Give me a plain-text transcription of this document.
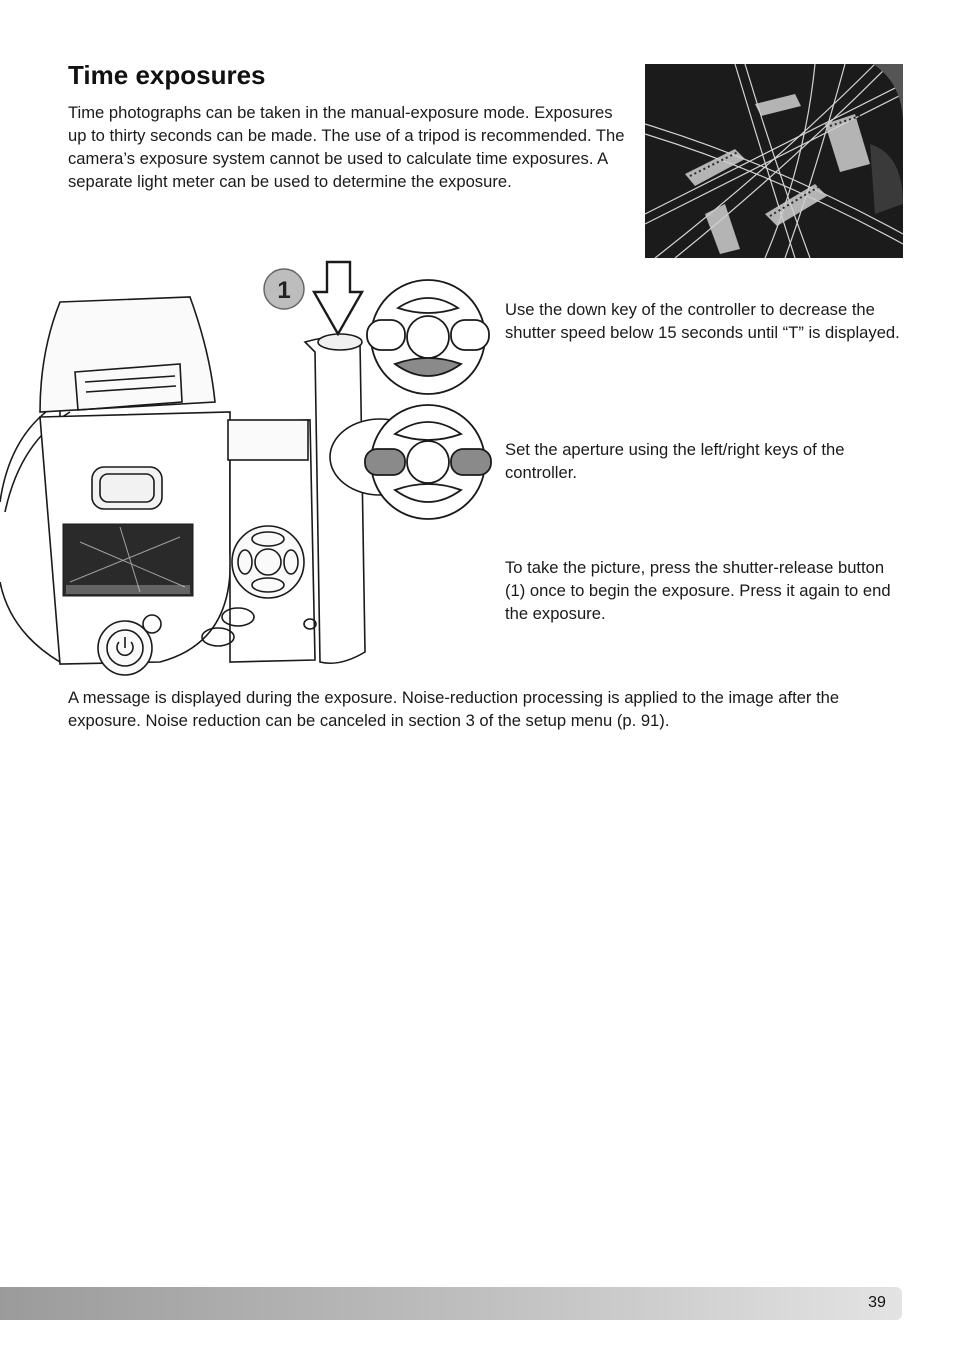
Time exposures

Time photographs can be taken in the manual-exposure mode. Exposures up to thirty seconds can be made. The use of a tripod is recommended. The camera’s exposure system cannot be used to calculate time exposures. A separate light meter can be used to determine the exposure.

1

Use the down key of the controller to decrease the shutter speed below 15 seconds until “T” is displayed.

Set the aperture using the left/right keys of the controller.

To take the picture, press the shutter-release button (1) once to begin the exposure. Press it again to end the exposure.

A message is displayed during the exposure. Noise-reduction processing is applied to the image after the exposure. Noise reduction can be canceled in section 3 of the setup menu (p. 91).

39
